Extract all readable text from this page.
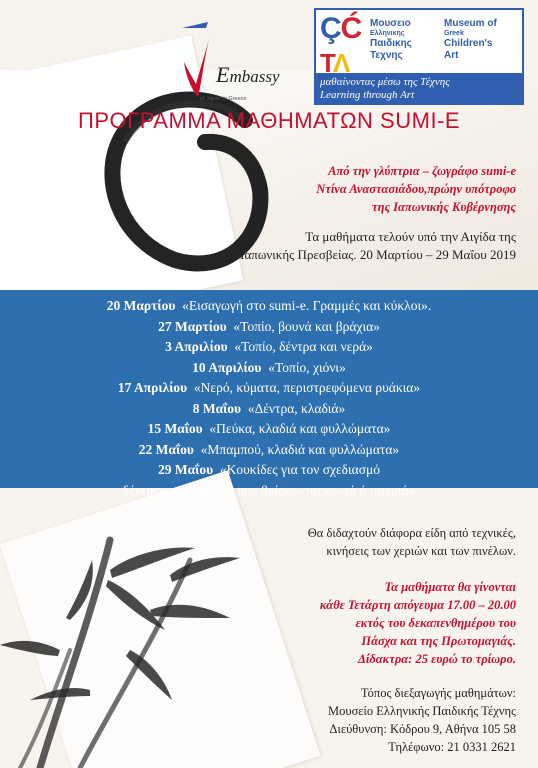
Embassy
of Japan in Greece
ÇĆ
ΤΛ
Μουσειο
Ελληνικης
Παιδικης
Τεχνης
Museum of
Greek
Children's
Art
μαθαίνοντας μέσω της Τέχνης
Learning through Art
ΠΡΟΓΡΑΜΜΑ ΜΑΘΗΜΑΤΩΝ SUMI-E
Από την γλύπτρια – ζωγράφο sumi-e
Ντίνα Αναστασιάδου,πρώην υπότροφο
της Ιαπωνικής Κυβέρνησης
Τα μαθήματα τελούν υπό την Αιγίδα της
Ιαπωνικής Πρεσβείας. 20 Μαρτίου – 29 Μαΐου 2019
20 Μαρτίου «Εισαγωγή στο sumi-e. Γραμμές και κύκλοι».
27 Μαρτίου «Τοπίο, βουνά και βράχια»
3 Απριλίου «Τοπίο, δέντρα και νερά»
10 Απριλίου «Τοπίο, χιόνι»
17 Απριλίου «Νερό, κύματα, περιστρεφόμενα ρυάκια»
8 Μαΐου «Δέντρα, κλαδιά»
15 Μαΐου «Πεύκα, κλαδιά και φυλλώματα»
22 Μαΐου «Μπαμπού, κλαδιά και φυλλώματα»
29 Μαΐου «Κουκίδες για τον σχεδιασμό
δέντρων και θάμνων που βρίσκονται κοντά ή μακριά»
Θα διδαχτούν διάφορα είδη από τεχνικές,
κινήσεις των χεριών και των πινέλων.
Τα μαθήματα θα γίνονται
κάθε Τετάρτη απόγευμα 17.00 – 20.00
εκτός του δεκαπενθημέρου του
Πάσχα και της Πρωτομαγιάς.
Δίδακτρα: 25 ευρώ το τρίωρο.
Τόπος διεξαγωγής μαθημάτων:
Μουσείο Ελληνικής Παιδικής Τέχνης
Διεύθυνση: Κόδρου 9, Αθήνα 105 58
Τηλέφωνο: 21 0331 2621
